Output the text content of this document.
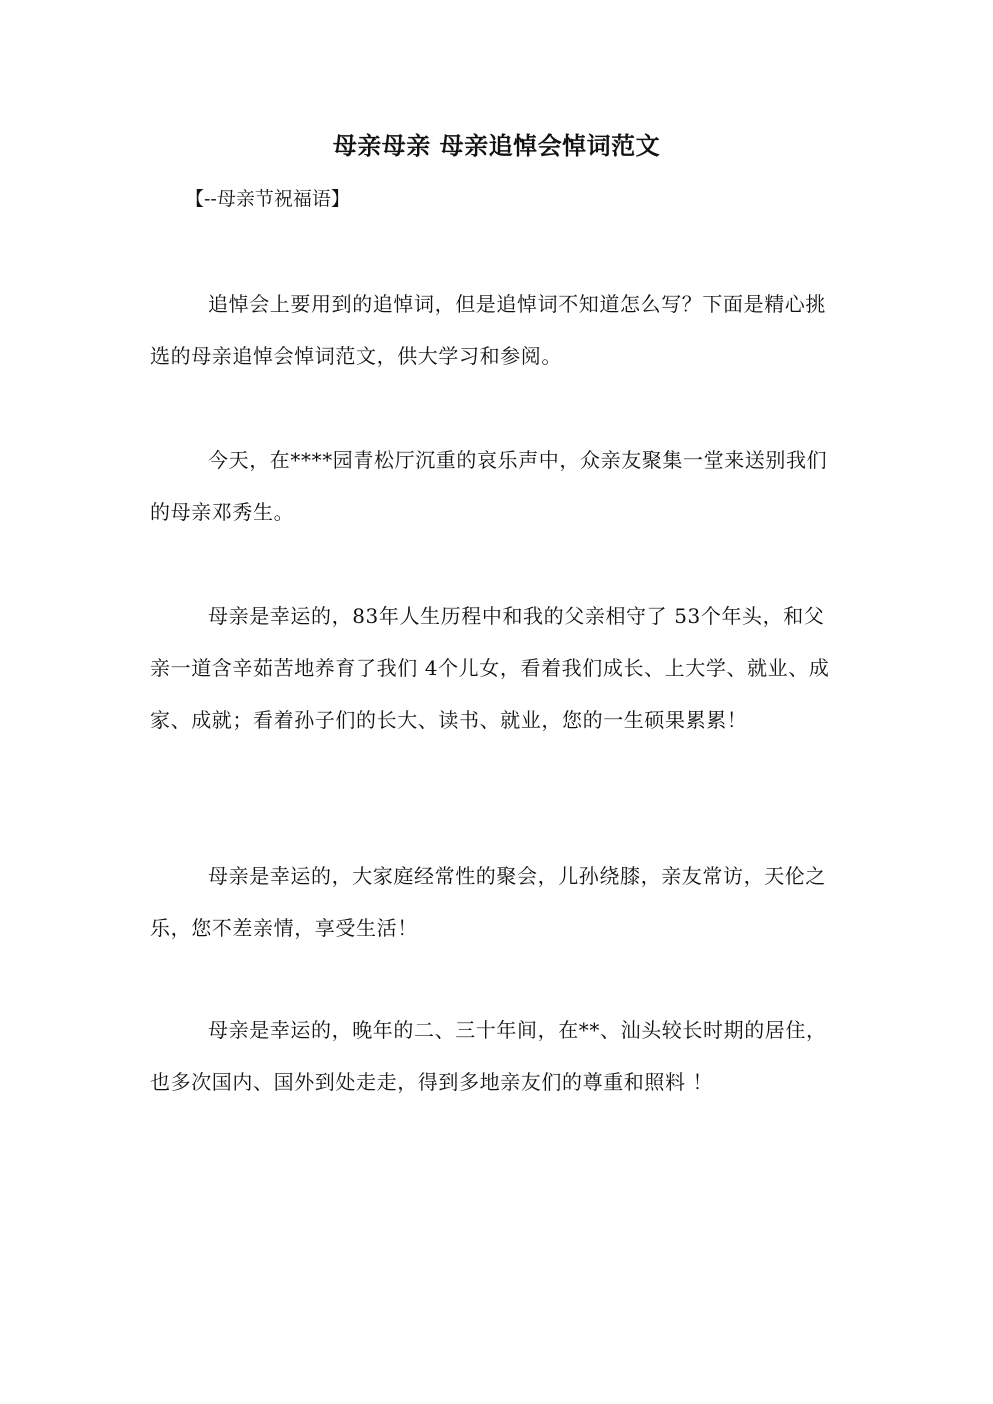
母亲母亲 母亲追悼会悼词范文
【--母亲节祝福语】

追悼会上要用到的追悼词，但是追悼词不知道怎么写？下面是精心挑选的母亲追悼会悼词范文，供大学习和参阅。

今天，在****园青松厅沉重的哀乐声中，众亲友聚集一堂来送别我们的母亲邓秀生。

母亲是幸运的，83年人生历程中和我的父亲相守了 53个年头，和父亲一道含辛茹苦地养育了我们 4个儿女，看着我们成长、上大学、就业、成家、成就；看着孙子们的长大、读书、就业，您的一生硕果累累！

母亲是幸运的，大家庭经常性的聚会，儿孙绕膝，亲友常访，天伦之乐，您不差亲情，享受生活！

母亲是幸运的，晚年的二、三十年间，在**、汕头较长时期的居住，也多次国内、国外到处走走，得到多地亲友们的尊重和照料 ！
